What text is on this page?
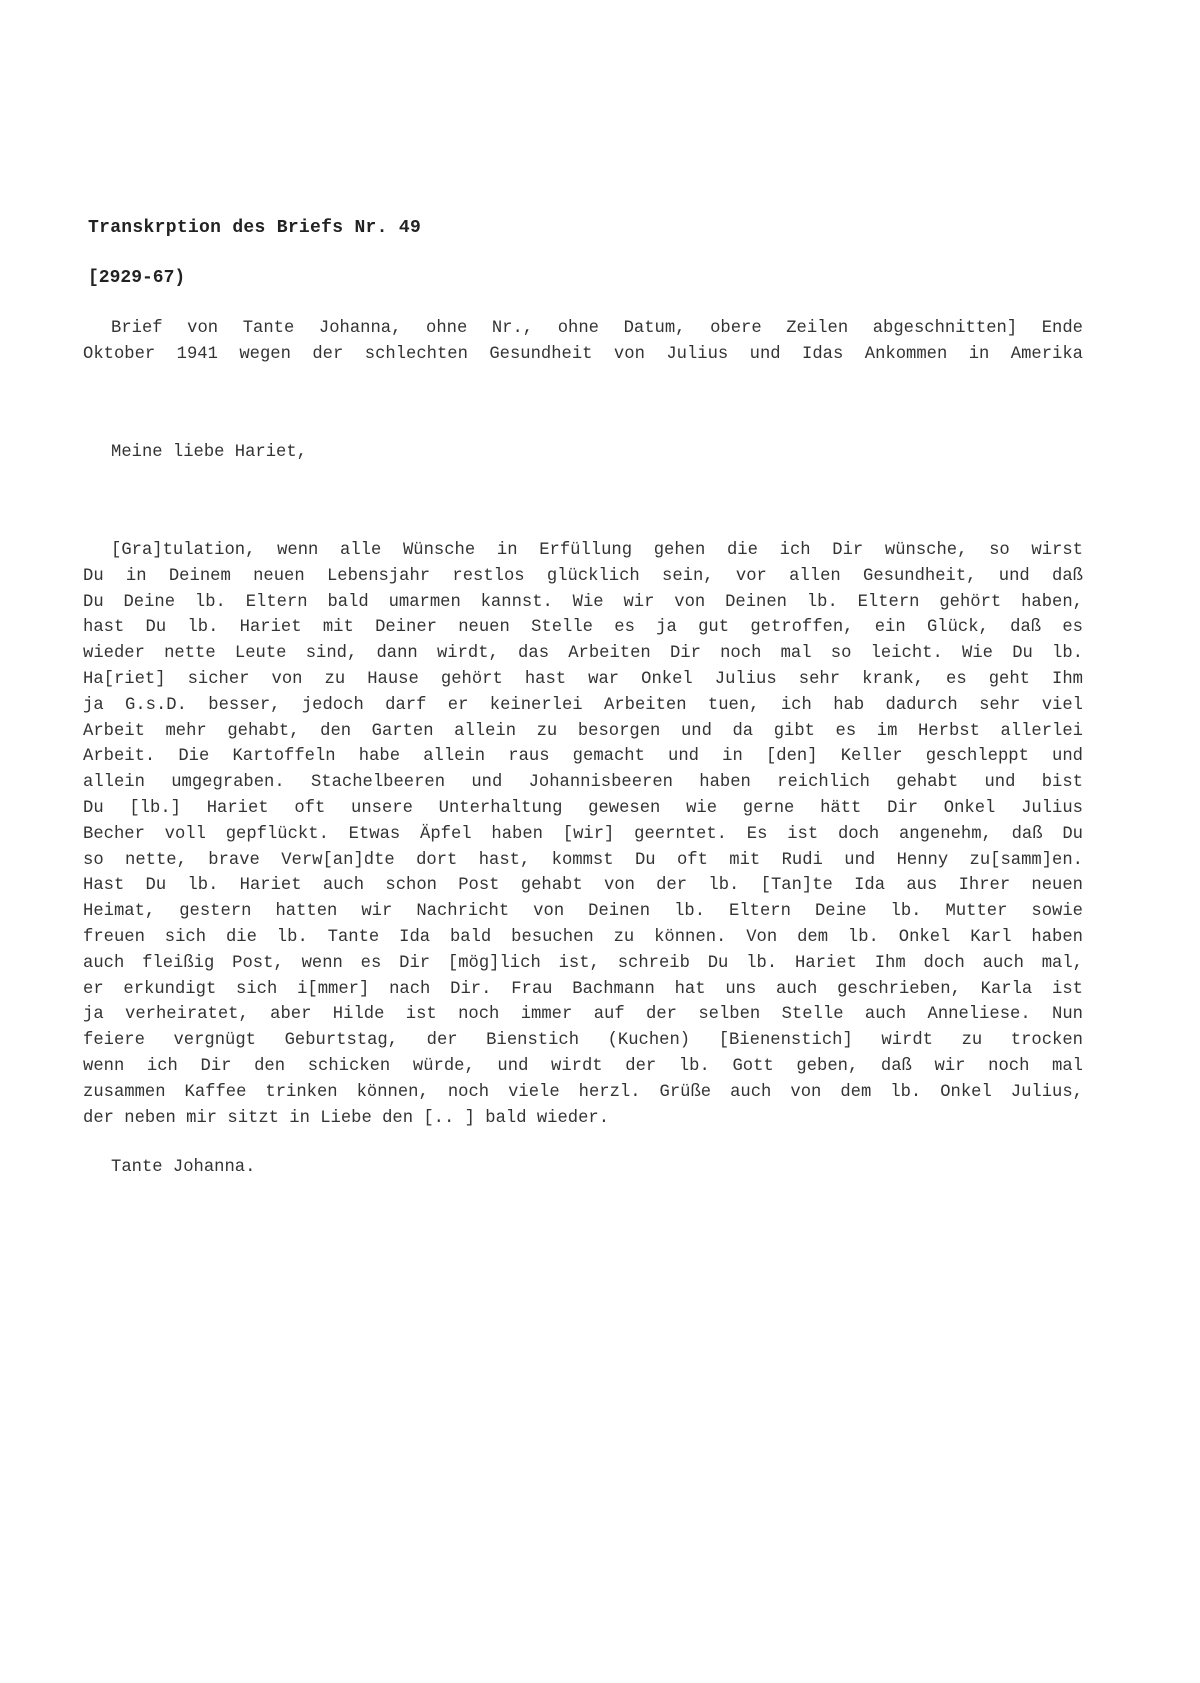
Transkrption des Briefs Nr. 49
[2929-67)
Brief von Tante Johanna, ohne Nr., ohne Datum, obere Zeilen abgeschnitten] Ende
Oktober 1941 wegen der schlechten Gesundheit von Julius und Idas Ankommen in Amerika

Meine liebe Hariet,

[Gra]tulation, wenn alle Wünsche in Erfüllung gehen die ich Dir wünsche, so wirst
Du in Deinem neuen Lebensjahr restlos glücklich sein, vor allen Gesundheit, und daß
Du Deine lb. Eltern bald umarmen kannst. Wie wir von Deinen lb. Eltern gehört haben,
hast Du lb. Hariet mit Deiner neuen Stelle es ja gut getroffen, ein Glück, daß es
wieder nette Leute sind, dann wirdt, das Arbeiten Dir noch mal so leicht. Wie Du lb.
Ha[riet] sicher von zu Hause gehört hast war Onkel Julius sehr krank, es geht Ihm
ja G.s.D. besser, jedoch darf er keinerlei Arbeiten tuen, ich hab dadurch sehr viel
Arbeit mehr gehabt, den Garten allein zu besorgen und da gibt es im Herbst allerlei
Arbeit. Die Kartoffeln habe allein raus gemacht und in [den] Keller geschleppt und
allein umgegraben. Stachelbeeren und Johannisbeeren haben reichlich gehabt und bist
Du [lb.] Hariet oft unsere Unterhaltung gewesen wie gerne hätt Dir Onkel Julius
Becher voll gepflückt. Etwas Äpfel haben [wir] geerntet. Es ist doch angenehm, daß Du
so nette, brave Verw[an]dte dort hast, kommst Du oft mit Rudi und Henny zu[samm]en.
Hast Du lb. Hariet auch schon Post gehabt von der lb. [Tan]te Ida aus Ihrer neuen
Heimat, gestern hatten wir Nachricht von Deinen lb. Eltern Deine lb. Mutter sowie
freuen sich die lb. Tante Ida bald besuchen zu können. Von dem lb. Onkel Karl haben
auch fleißig Post, wenn es Dir [mög]lich ist, schreib Du lb. Hariet Ihm doch auch mal,
er erkundigt sich i[mmer] nach Dir. Frau Bachmann hat uns auch geschrieben, Karla ist
ja verheiratet, aber Hilde ist noch immer auf der selben Stelle auch Anneliese. Nun
feiere vergnügt Geburtstag, der Bienstich (Kuchen) [Bienenstich] wirdt zu trocken
wenn ich Dir den schicken würde, und wirdt der lb. Gott geben, daß wir noch mal
zusammen Kaffee trinken können, noch viele herzl. Grüße auch von dem lb. Onkel Julius,
der neben mir sitzt in Liebe den [.. ] bald wieder.

Tante Johanna.
